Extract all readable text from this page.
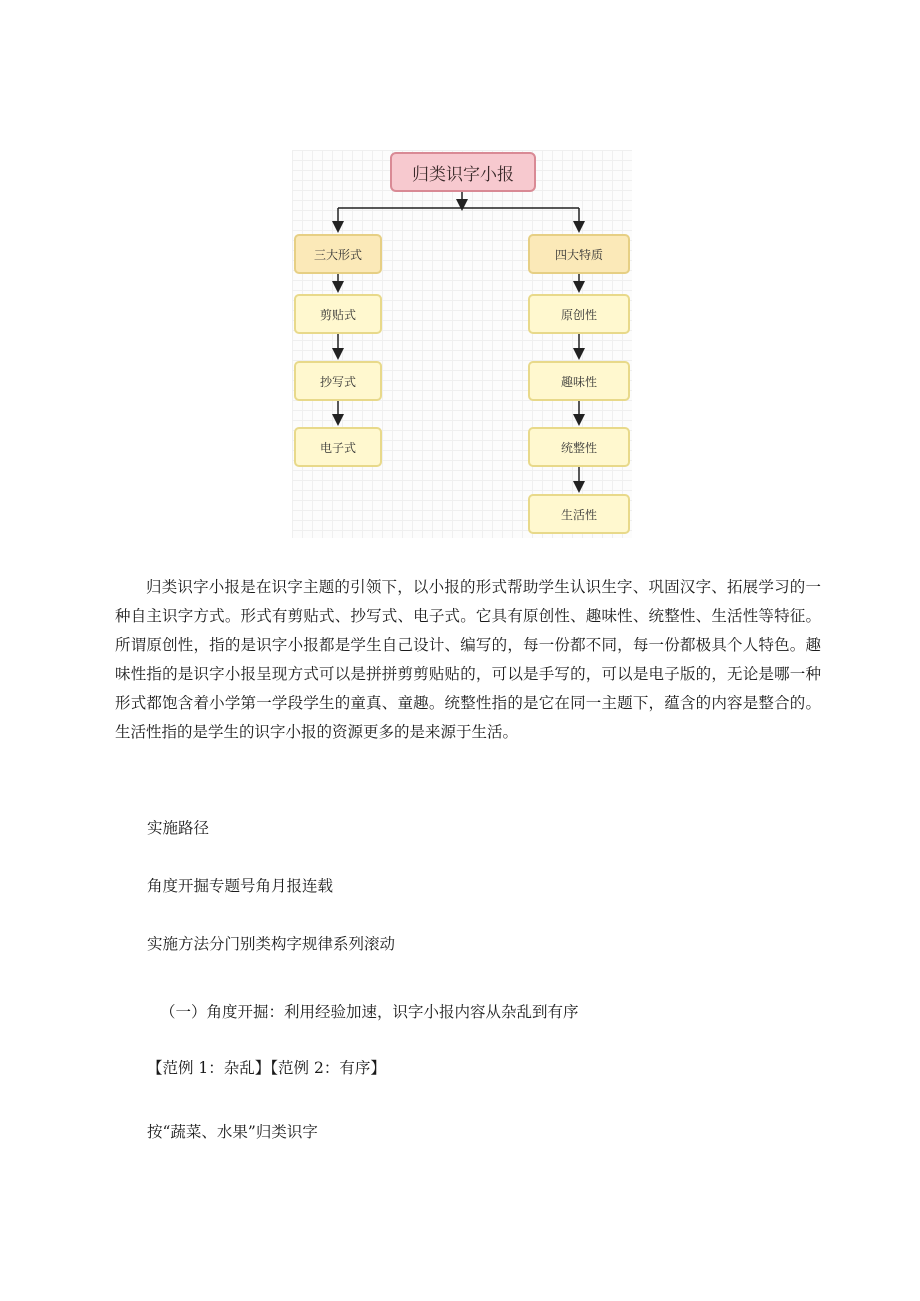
归类识字小报
三大形式
剪贴式
抄写式
电子式
四大特质
原创性
趣味性
统整性
生活性

归类识字小报是在识字主题的引领下，以小报的形式帮助学生认识生字、巩固汉字、拓展学习的一种自主识字方式。形式有剪贴式、抄写式、电子式。它具有原创性、趣味性、统整性、生活性等特征。所谓原创性，指的是识字小报都是学生自己设计、编写的，每一份都不同，每一份都极具个人特色。趣味性指的是识字小报呈现方式可以是拼拼剪剪贴贴的，可以是手写的，可以是电子版的，无论是哪一种形式都饱含着小学第一学段学生的童真、童趣。统整性指的是它在同一主题下，蕴含的内容是整合的。生活性指的是学生的识字小报的资源更多的是来源于生活。

实施路径

角度开掘专题号角月报连载

实施方法分门别类构字规律系列滚动

（一）角度开掘：利用经验加速，识字小报内容从杂乱到有序

【范例 1：杂乱】【范例 2：有序】

按“蔬菜、水果”归类识字
